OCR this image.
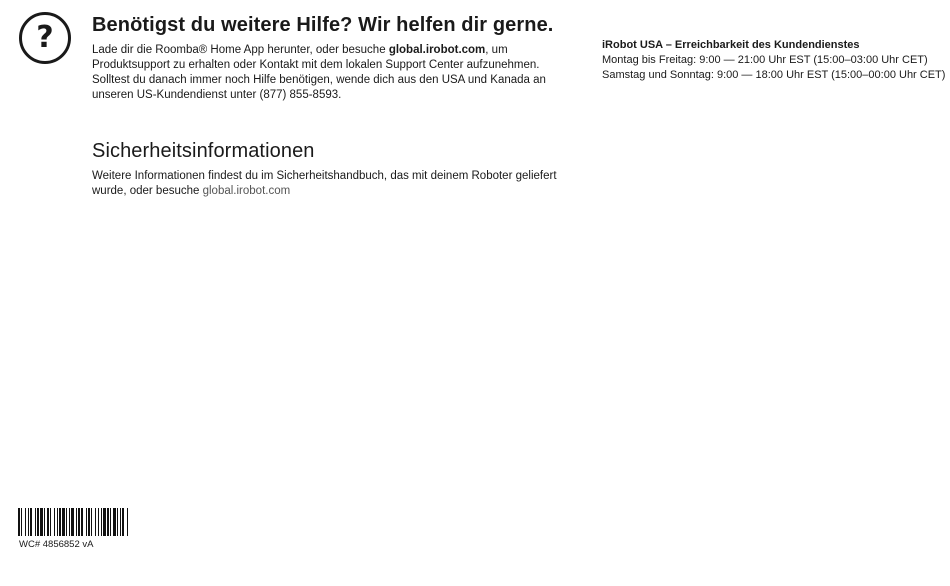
?	Benötigst du weitere Hilfe? Wir helfen dir gerne.

Lade dir die Roomba® Home App herunter, oder besuche global.irobot.com, um Produktsupport zu erhalten oder Kontakt mit dem lokalen Support Center aufzunehmen. Solltest du danach immer noch Hilfe benötigen, wende dich aus den USA und Kanada an unseren US-Kundendienst unter (877) 855-8593.

Sicherheitsinformationen

Weitere Informationen findest du im Sicherheitshandbuch, das mit deinem Roboter geliefert wurde, oder besuche global.irobot.com

iRobot USA – Erreichbarkeit des Kundendienstes
Montag bis Freitag: 9:00 — 21:00 Uhr EST (15:00–03:00 Uhr CET)
Samstag und Sonntag: 9:00 — 18:00 Uhr EST (15:00–00:00 Uhr CET)
WC# 4856852 vA
